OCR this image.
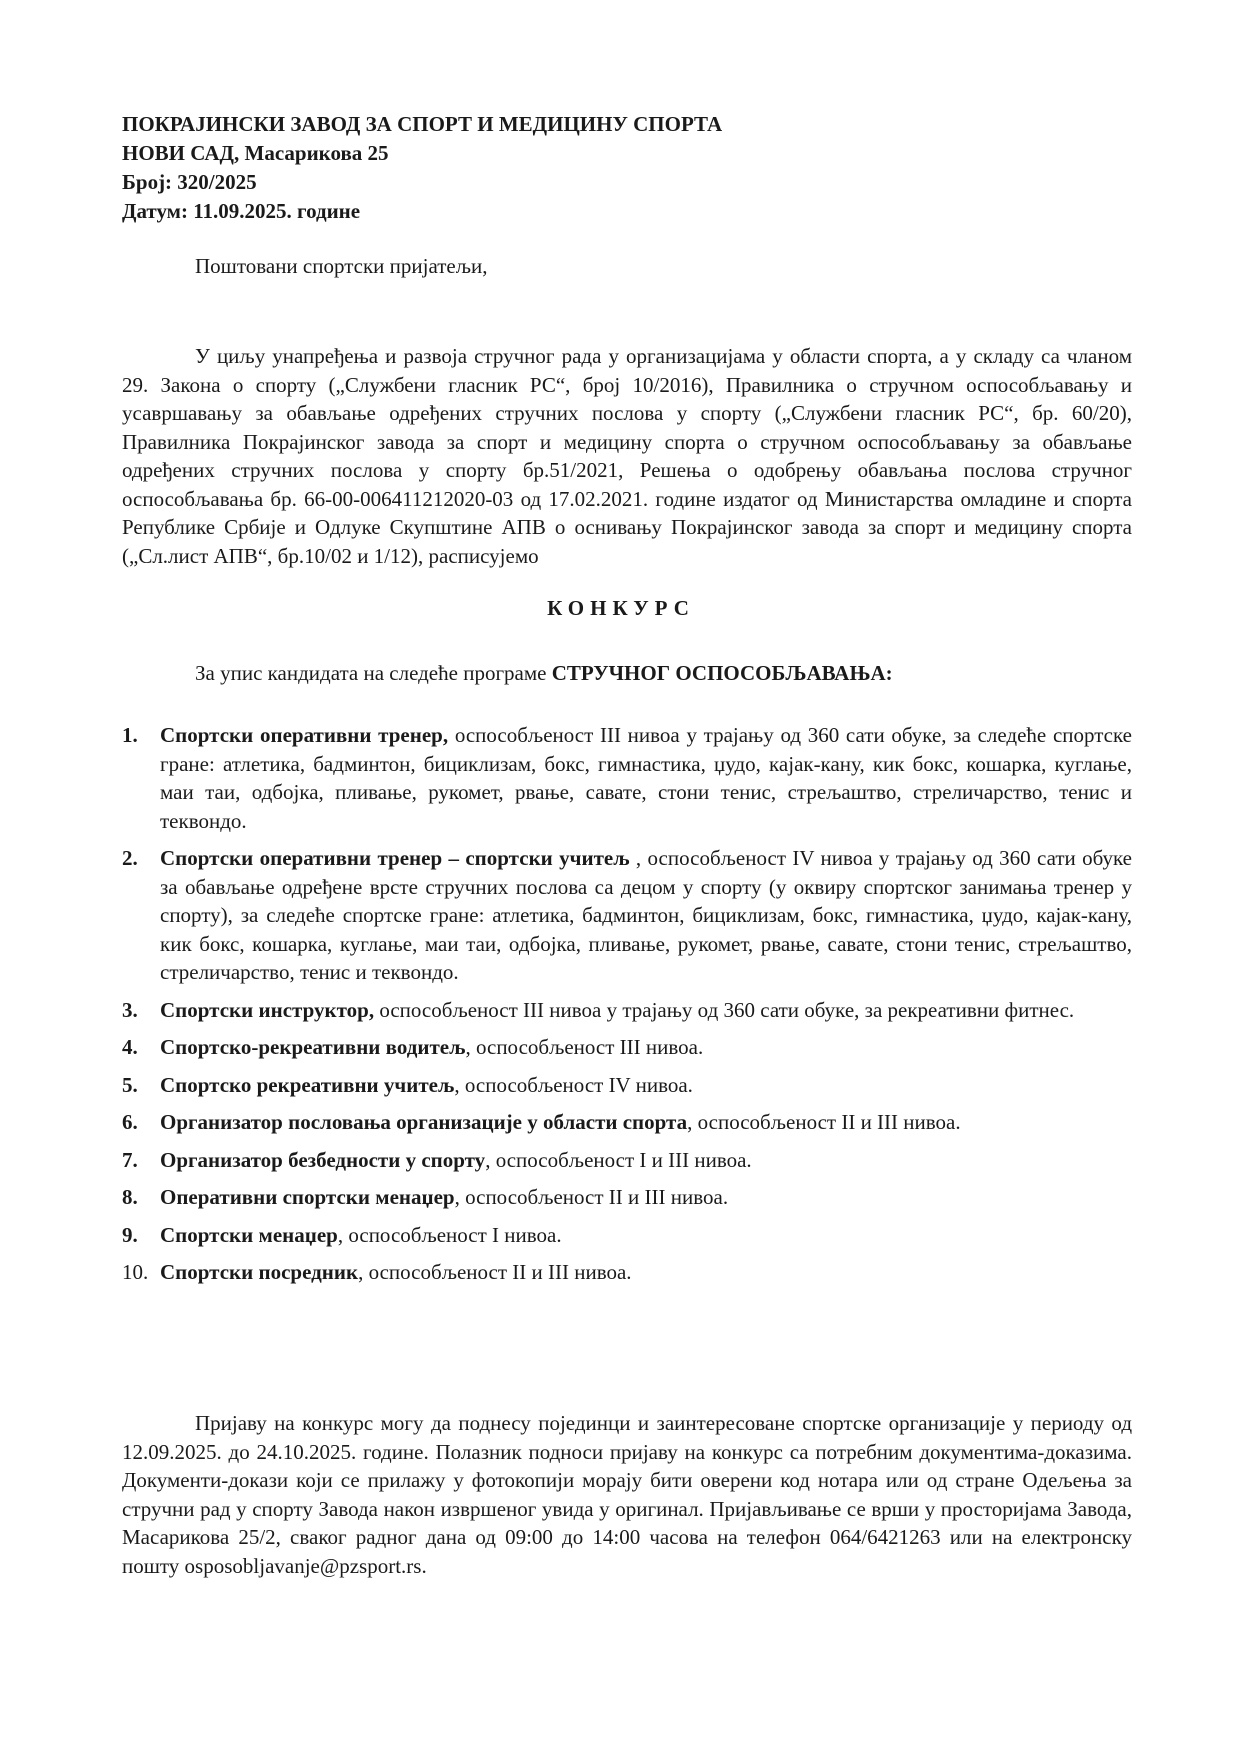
ПОКРАЈИНСКИ ЗАВОД ЗА СПОРТ И МЕДИЦИНУ СПОРТА
НОВИ САД, Масарикова 25
Број: 320/2025
Датум: 11.09.2025. године
Поштовани спортски пријатељи,
У циљу унапређења и развоја стручног рада у организацијама у области спорта, а у складу са чланом 29. Закона о спорту („Службени гласник РС“, број 10/2016), Правилника о стручном оспособљавању и усавршавању за обављање одређених стручних послова у спорту („Службени гласник РС“, бр. 60/20), Правилника Покрајинског завода за спорт и медицину спорта о стручном оспособљавању за обављање одређених стручних послова у спорту бр.51/2021, Решења о одобрењу обављања послова стручног оспособљавања бр. 66-00-006411212020-03 од 17.02.2021. године издатог од Министарства омладине и спорта Републике Србије и Одлуке Скупштине АПВ о оснивању Покрајинског завода за спорт и медицину спорта („Сл.лист АПВ“, бр.10/02 и 1/12), расписујемо
КОНКУРС
За упис кандидата на следеће програме СТРУЧНОГ ОСПОСОБЉАВАЊА:
1. Спортски оперативни тренер, оспособљеност III нивоа у трајању од 360 сати обуке, за следеће спортске гране: атлетика, бадминтон, бициклизам, бокс, гимнастика, џудо, кајак-кану, кик бокс, кошарка, куглање, маи таи, одбојка, пливање, рукомет, рвање, савате, стони тенис, стрељаштво, стреличарство, тенис и теквондо.
2. Спортски оперативни тренер – спортски учитељ , оспособљеност IV нивоа у трајању од 360 сати обуке за обављање одређене врсте стручних послова са децом у спорту (у оквиру спортског занимања тренер у спорту), за следеће спортске гране: атлетика, бадминтон, бициклизам, бокс, гимнастика, џудо, кајак-кану, кик бокс, кошарка, куглање, маи таи, одбојка, пливање, рукомет, рвање, савате, стони тенис, стрељаштво, стреличарство, тенис и теквондо.
3. Спортски инструктор, оспособљеност III нивоа у трајању од 360 сати обуке, за рекреативни фитнес.
4. Спортско-рекреативни водитељ, оспособљеност III нивоа.
5. Спортско рекреативни учитељ, оспособљеност IV нивоа.
6. Организатор пословања организације у области спорта, оспособљеност II и III нивоа.
7. Организатор безбедности у спорту, оспособљеност I и III нивоа.
8. Оперативни спортски менаџер, оспособљеност II и III нивоа.
9. Спортски менаџер, оспособљеност I нивоа.
10. Спортски посредник, оспособљеност II и III нивоа.
Пријаву на конкурс могу да поднесу појединци и заинтересоване спортске организације у периоду од 12.09.2025. до 24.10.2025. године. Полазник подноси пријаву на конкурс са потребним документима-доказима. Документи-докази који се прилажу у фотокопији морају бити оверени код нотара или од стране Одељења за стручни рад у спорту Завода након извршеног увида у оригинал. Пријављивање се врши у просторијама Завода, Масарикова 25/2, сваког радног дана од 09:00 до 14:00 часова на телефон 064/6421263 или на електронску пошту osposobljavanje@pzsport.rs.
